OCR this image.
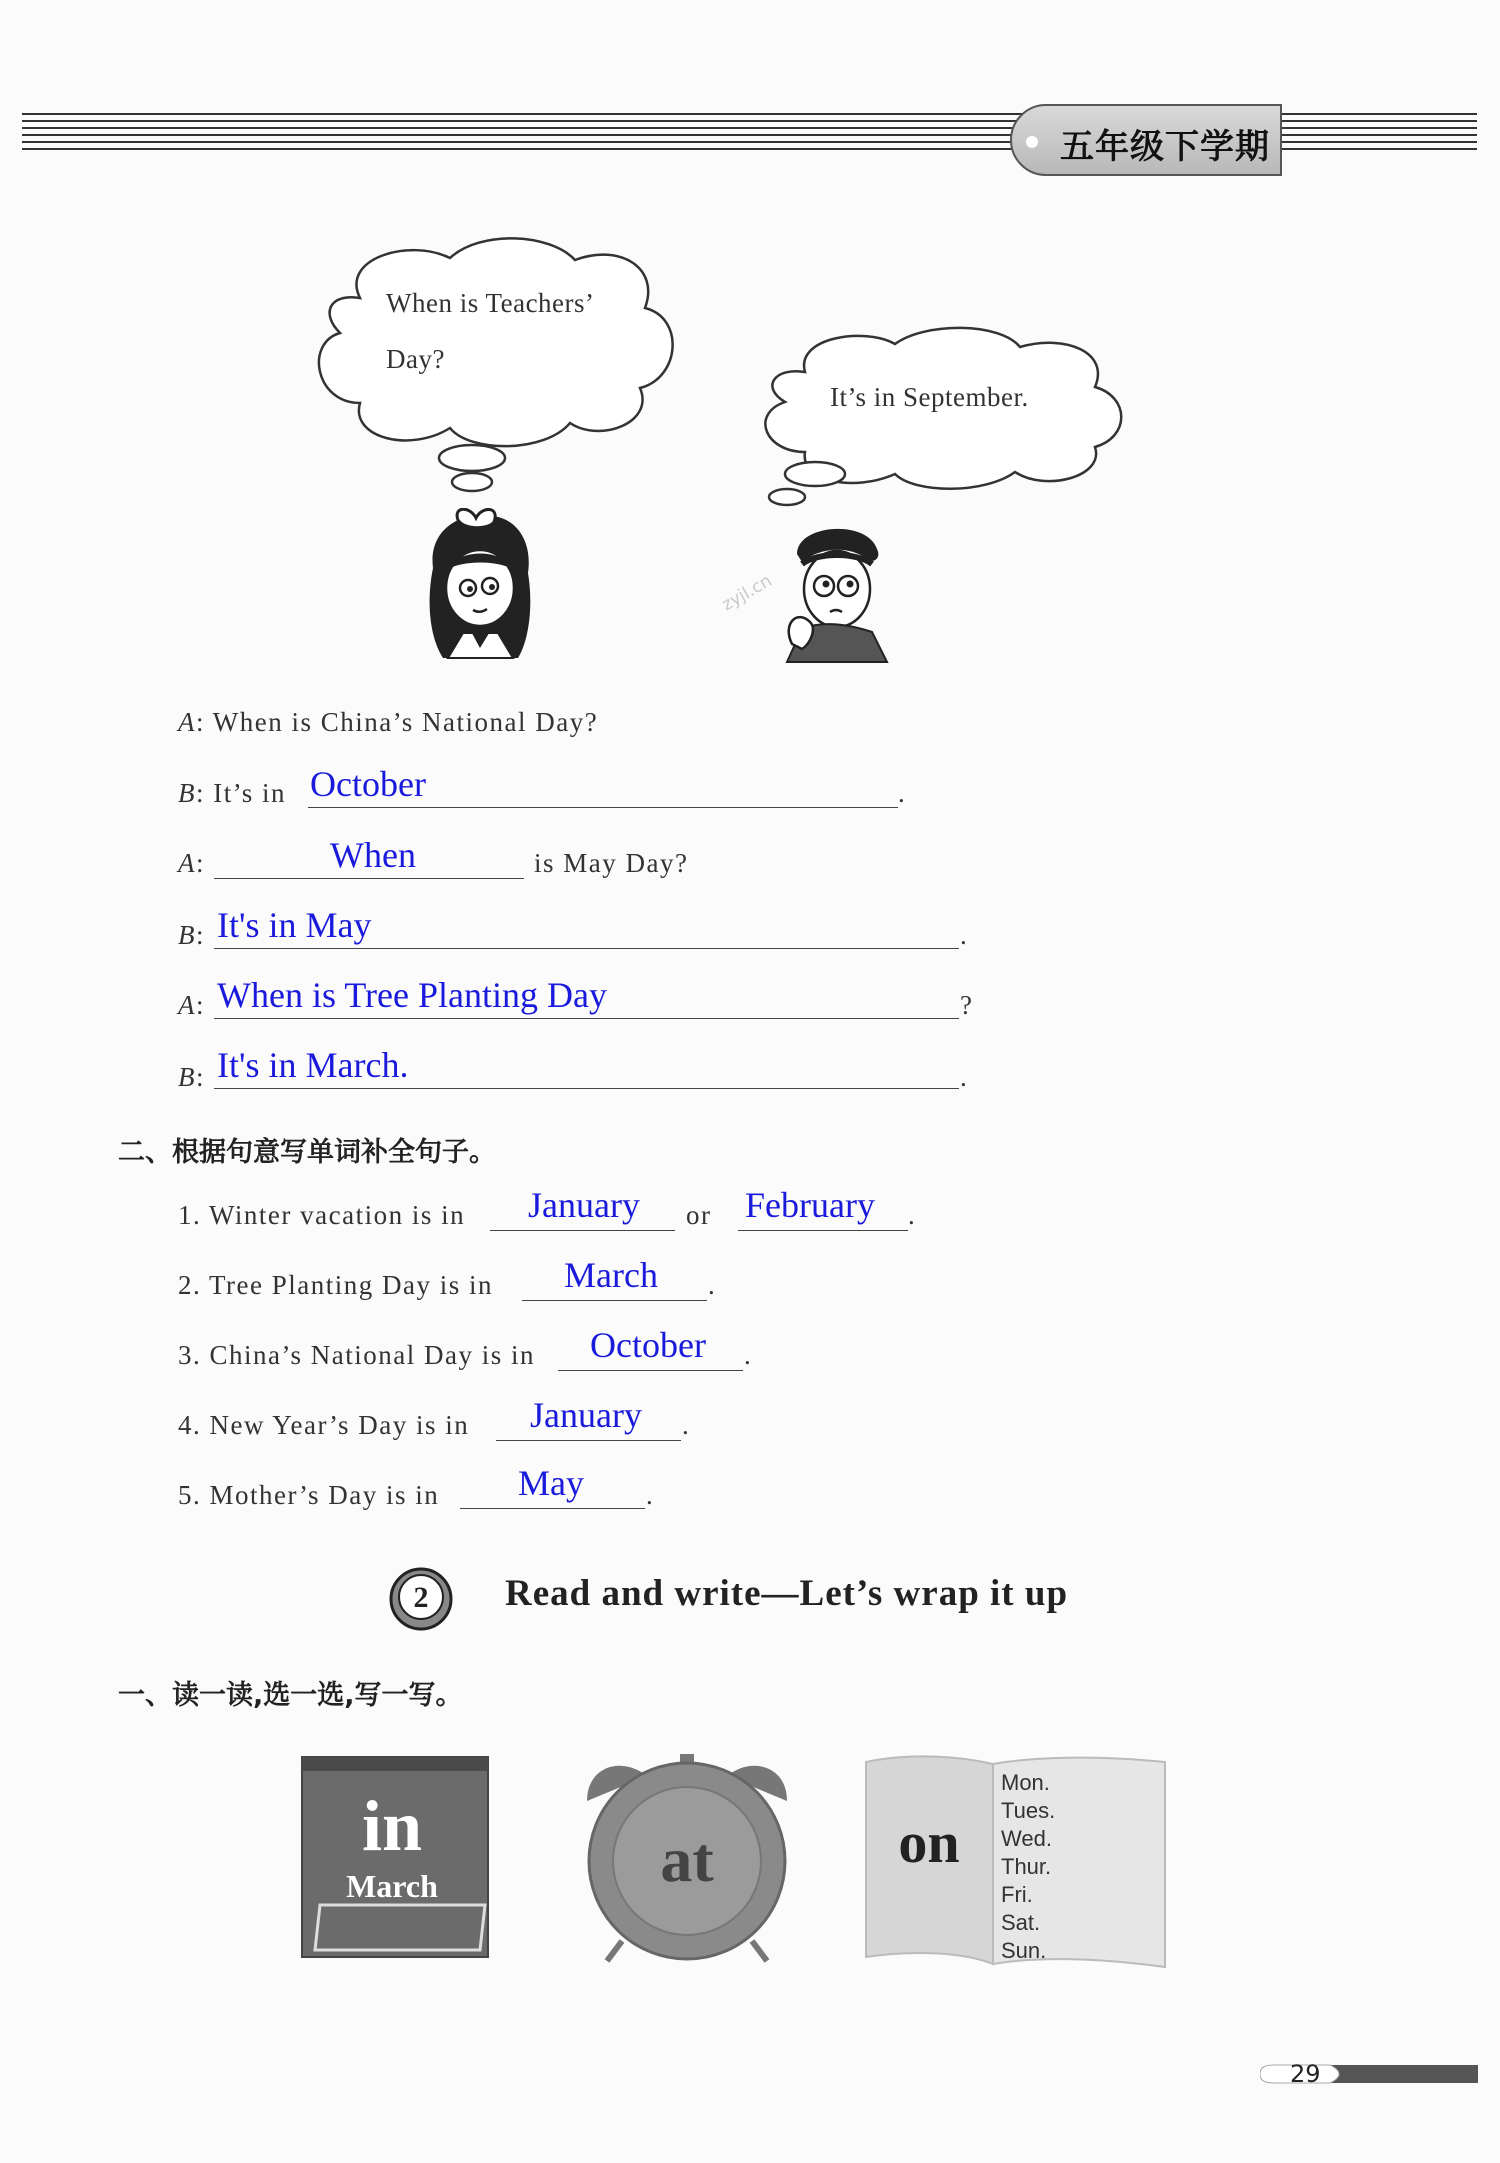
五年级下学期
When is Teachers’
Day?
It’s in September.
zyjl.cn
A: When is China’s National Day?
B: It’s in October	.
A:	When	is May Day?
B: It's in May	.
A: When is Tree Planting Day	?
B: It's in March.	.
二、根据句意写单词补全句子。
1. Winter vacation is in January or February .
2. Tree Planting Day is in March .
3. China’s National Day is in October .
4. New Year’s Day is in January .
5. Mother’s Day is in May .
2 Read and write—Let’s wrap it up
一、读一读,选一选,写一写。
in
March	at	on
Mon.
Tues.
Wed.
Thur.
Fri.
Sat.
Sun.
29
